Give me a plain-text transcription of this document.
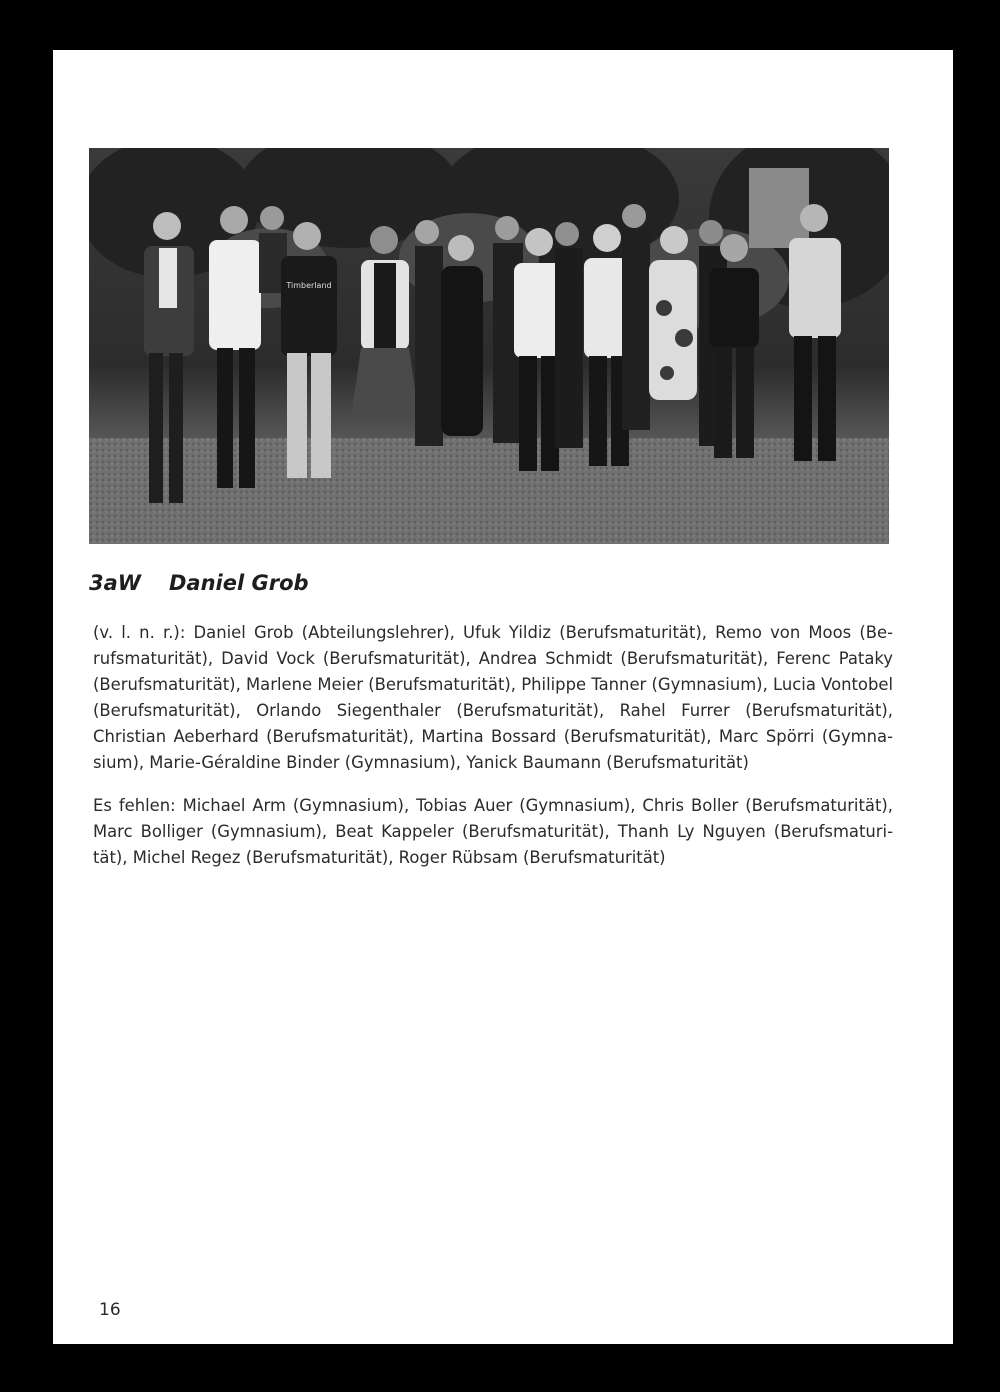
Timberland
3aW Daniel Grob

(v. l. n. r.): Daniel Grob (Abteilungslehrer), Ufuk Yildiz (Berufsmaturität), Remo von Moos (Berufsmaturität), David Vock (Berufsmaturität), Andrea Schmidt (Berufsmaturität), Ferenc Pataky (Berufsmaturität), Marlene Meier (Berufsmaturität), Philippe Tanner (Gymnasium), Lucia Vontobel (Berufsmaturität), Orlando Siegenthaler (Berufsmaturität), Rahel Furrer (Berufsmaturität), Christian Aeberhard (Berufsmaturität), Martina Bossard (Berufsmaturität), Marc Spörri (Gymnasium), Marie-Géraldine Binder (Gymnasium), Yanick Baumann (Berufsmaturität)

Es fehlen: Michael Arm (Gymnasium), Tobias Auer (Gymnasium), Chris Boller (Berufsmaturität), Marc Bolliger (Gymnasium), Beat Kappeler (Berufsmaturität), Thanh Ly Nguyen (Berufsmaturität), Michel Regez (Berufsmaturität), Roger Rübsam (Berufsmaturität)

16
